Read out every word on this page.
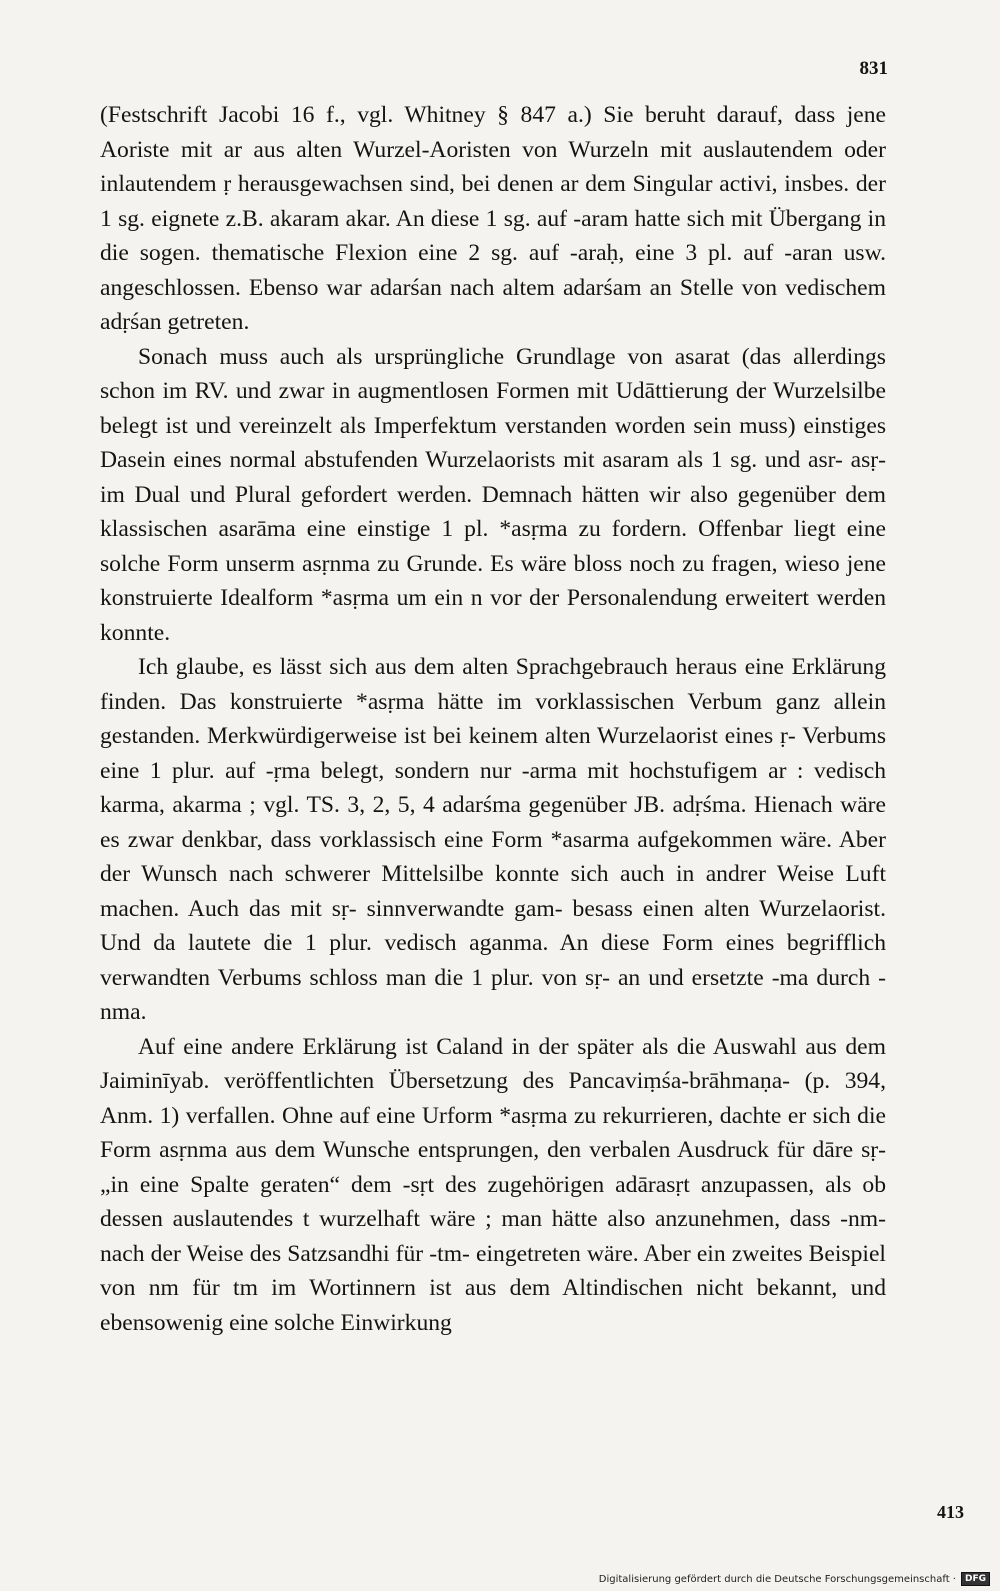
831

(Festschrift Jacobi 16 f., vgl. Whitney § 847 a.) Sie beruht darauf, dass jene Aoriste mit ar aus alten Wurzel-Aoristen von Wurzeln mit auslautendem oder inlautendem ṛ herausgewachsen sind, bei denen ar dem Singular activi, insbes. der 1 sg. eignete z.B. akaram akar. An diese 1 sg. auf -aram hatte sich mit Übergang in die sogen. thematische Flexion eine 2 sg. auf -araḥ, eine 3 pl. auf -aran usw. angeschlossen. Ebenso war adarśan nach altem adarśam an Stelle von vedischem adṛśan getreten.

Sonach muss auch als ursprüngliche Grundlage von asarat (das allerdings schon im RV. und zwar in augmentlosen Formen mit Udāttierung der Wurzelsilbe belegt ist und vereinzelt als Imperfektum verstanden worden sein muss) einstiges Dasein eines normal abstufenden Wurzelaorists mit asaram als 1 sg. und asr- asṛ- im Dual und Plural gefordert werden. Demnach hätten wir also gegenüber dem klassischen asarāma eine einstige 1 pl. *asṛma zu fordern. Offenbar liegt eine solche Form unserm asṛnma zu Grunde. Es wäre bloss noch zu fragen, wieso jene konstruierte Idealform *asṛma um ein n vor der Personalendung erweitert werden konnte.

Ich glaube, es lässt sich aus dem alten Sprachgebrauch heraus eine Erklärung finden. Das konstruierte *asṛma hätte im vorklassischen Verbum ganz allein gestanden. Merkwürdigerweise ist bei keinem alten Wurzelaorist eines ṛ- Verbums eine 1 plur. auf -ṛma belegt, sondern nur -arma mit hochstufigem ar : vedisch karma, akarma ; vgl. TS. 3, 2, 5, 4 adarśma gegenüber JB. adṛśma. Hienach wäre es zwar denkbar, dass vorklassisch eine Form *asarma aufgekommen wäre. Aber der Wunsch nach schwerer Mittelsilbe konnte sich auch in andrer Weise Luft machen. Auch das mit sṛ- sinnverwandte gam- besass einen alten Wurzelaorist. Und da lautete die 1 plur. vedisch aganma. An diese Form eines begrifflich verwandten Verbums schloss man die 1 plur. von sṛ- an und ersetzte -ma durch -nma.

Auf eine andere Erklärung ist Caland in der später als die Auswahl aus dem Jaiminīyab. veröffentlichten Übersetzung des Pancaviṃśa-brāhmaṇa- (p. 394, Anm. 1) verfallen. Ohne auf eine Urform *asṛma zu rekurrieren, dachte er sich die Form asṛnma aus dem Wunsche entsprungen, den verbalen Ausdruck für dāre sṛ- „in eine Spalte geraten“ dem -sṛt des zugehörigen adārasṛt anzupassen, als ob dessen auslautendes t wurzelhaft wäre ; man hätte also anzunehmen, dass -nm- nach der Weise des Satzsandhi für -tm- eingetreten wäre. Aber ein zweites Beispiel von nm für tm im Wortinnern ist aus dem Altindischen nicht bekannt, und ebensowenig eine solche Einwirkung

413
Digitalisierung gefördert durch die Deutsche Forschungsgemeinschaft ·	DFG
